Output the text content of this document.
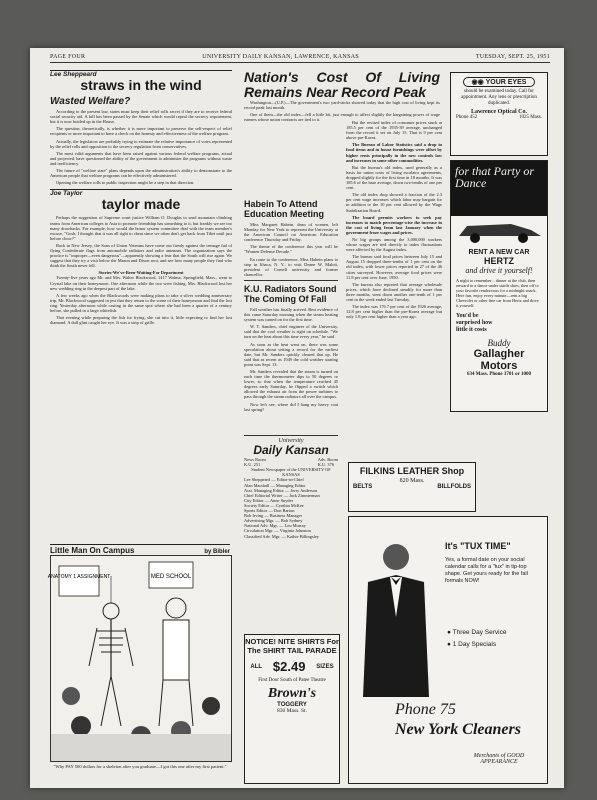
PAGE FOUR	UNIVERSITY DAILY KANSAN, LAWRENCE, KANSAS	TUESDAY, SEPT. 25, 1951
Lee Sheppeard
straws in the wind
Wasted Welfare?

According to the present law, states must keep their relief rolls secret if they are to receive federal social security aid. A bill has been passed by the Senate which would repeal the secrecy requirement, but it is now bottled up in the House.

The question, theoretically, is whether it is more important to preserve the self-respect of relief recipients or more important to have a check on the honesty and effectiveness of the welfare program.

Actually, the legislators are probably trying to estimate the relative importance of votes represented by the relief rolls and opposition to the secrecy regulation from conservatives.

The most valid arguments that have been raised against various federal welfare programs, actual and projected, have questioned the ability of the government to administer the programs without waste and inefficiency.

The future of "welfare state" plans depends upon the administration's ability to demonstrate to the American people that welfare programs can be effectively administered.

Opening the welfare rolls to public inspection might be a step in that direction.

Joe Taylor
taylor made

Perhaps the suggestion of Supreme court justice William O. Douglas to send mountain climbing teams from American colleges to Asia to promote friendship has something to it, but frankly we see too many drawbacks. For example, how would the honor system committee deal with the team member's excuse, "Gosh, I thought that it was all right to cheat since we often don't get back from Tibet until just before chow?"

Back in New Jersey, the Sons of Union Veterans have come out firmly against the teenage fad of flying Confederate flags from automobile radiators and radio antennas. The organization says the practice is "improper—even dangerous"—apparently showing a fear that the South will rise again. We suggest that they try a visit below the Mason and Dixon root, and see how many people they find who think the South never fell.

Stories-We've-Been-Waiting-For Department

Twenty-five years ago Mr. and Mrs. Walter Blackwood, 1417 Walnut, Springfield, Mass., went to Crystal lake on their honeymoon. One afternoon while the two were fishing, Mrs. Blackwood lost her new wedding ring in the deepest part of the lake.

A few weeks ago when the Blackwoods were making plans to take a silver wedding anniversary trip, Mr. Blackwood suggested in jest that they return to the scene of their honeymoon and find the lost ring. Yesterday afternoon while casting in the same spot where she had been a quarter of a century before, she pulled in a large whitefish.

That evening while preparing the fish for frying, she cut into it, little expecting to find her lost diamond. A dull glint caught her eye. It was a strip of grille.

Little Man On Campus	by Bibler
ANATOMY 1 ASSIGNMENT	MED SCHOOL
"Why PAY 500 dollars for a skeleton after you graduate—I got this one after my first patient."
Nation's Cost Of Living Remains Near Record Peak

Washington—(U.P.)—The government's two yard-sticks showed today that the high cost of living kept its record peak last month.

One of them—the old index—fell a little bit, just enough to affect slightly the bargaining power of wage earners whose union contracts are tied to it.

Habein To Attend Education Meeting

Miss Margaret Habein, dean of women, left Monday for New York to represent the University at the American Council on American Education conference Thursday and Friday.

The theme of the conference this year will be "Women Defense Decade."

En route to the conference, Miss Habein plans to stop in Ithaca, N. Y., to visit Deane W. Malott, president of Cornell university and former chancellor.

K.U. Radiators Sound The Coming Of Fall

Fall weather has finally arrived. Best evidence of this came Saturday morning when the steam heating system was turned on for the first time.

W. T. Sanders, chief engineer of the University, said that the cool weather is right on schedule. "We turn on the heat about this time every year," he said.

As soon as the heat went on, there was some speculation about setting a record for the earliest date, but Mr. Sanders quickly cleared that up. He said that as recent as 1949 the cold weather starting point was Sept. 13.

Mr. Sanders revealed that the steam is turned on each time the thermometer dips to 50 degrees or lower, so that when the temperature reached 45 degrees early Saturday, he flipped a switch which allowed the exhaust air from the power turbines to pass through the steam radiators all over the campus.

Now let's see, where did I hang my heavy coat last spring?

But the revised index of consumer prices stuck at 185.5 per cent of the 1935-39 average, unchanged from the record it set on July 15. That is 9 per cent above pre-Korea.

The Bureau of Labor Statistics said a drop in food items and in house furnishings were offset by higher rents principally in the new controls law and increases in some other commodities.

But the bureau's old index, used generally as a basis for union costs of living escalator agreements, dropped slightly for the first time in 18 months. It was 185.6 of the base average, down two-tenths of one per cent.

The old index drop showed a fraction of the 2.3 per cent wage increases which labor may bargain for in addition to the 10 per cent allowed by the Wage Stabilization Board.

The board permits workers to seek pay increases to match percentage-wise the increase in the cost of living from last January when the government froze wages and prices.

No big groups among the 3,000,000 workers whose wages are tied directly to index fluctuations were affected by the August index.

The bureau said food prices between July 15 and August 15 dropped three-tenths of 1 per cent on the old index, with lower prices reported in 27 of the 46 cities surveyed. However, average food prices were 11.8 per cent over June, 1950.

The bureau also reported that average wholesale prices, which have declined steadily for more than three months, went down another one-tenth of 1 per cent in the week ended last Tuesday.

The index was 176.7 per cent of the 1926 average, 12.8 per cent higher than the pre-Korea average but only 1.8 per cent higher than a year ago.

University
Daily Kansan
News Room
K.U. 251
Adv. Room
K.U. 376
Student Newspaper of the UNIVERSITY OF KANSAS
Lee Sheppeard — Editor-in-Chief
Alan Marshall — Managing Editor
Asst. Managing Editor — Jerry Anderson
Chief Editorial Writer — Jack Zimmerman
City Editor — Anne Snyder
Society Editor — Cynthia McKee
Sports Editor — Don Barton
Bob Irving — Business Manager
Advertising Mgr. — Bob Sydney
National Adv. Mgr. — Lou Murray
Circulation Mgr. — Virginia Johnston
Classified Adv. Mgr. — Kathie Billingsley
NOTICE! NITE SHIRTS For The SHIRT TAIL PARADE
ALL $2.49 SIZES
First Door South of Patee Theatre
Brown's
TOGGERY
830 Mass. St.
◉◉ YOUR EYES
should be examined today. Call for appointment. Any lens or prescription duplicated.
Lawrence Optical Co.
Phone 452	1025 Mass.
for that Party or Dance
RENT A NEW CAR
HERTZ
and drive it yourself!
A night to remember... dinner at the club, then onward to a dance under starlit skies, then off to your favorite rendezvous for a midnight snack. Here fun, enjoy every minute—rent a big Chevrolet or other fine car from Hertz and drive it yourself.
You'd be surprised how little it costs
Buddy
Gallagher
Motors
634 Mass. Phone 3701 or 1000
FILKINS LEATHER Shop
820 Mass.
BELTS	BILLFOLDS
It's "TUX TIME"
Yes, a formal date on your social calendar calls for a "tux" in tip-top shape. Get yours ready for the fall formals NOW!
● Three Day Service
● 1 Day Specials
Phone 75
New York Cleaners
Merchants of GOOD APPEARANCE
